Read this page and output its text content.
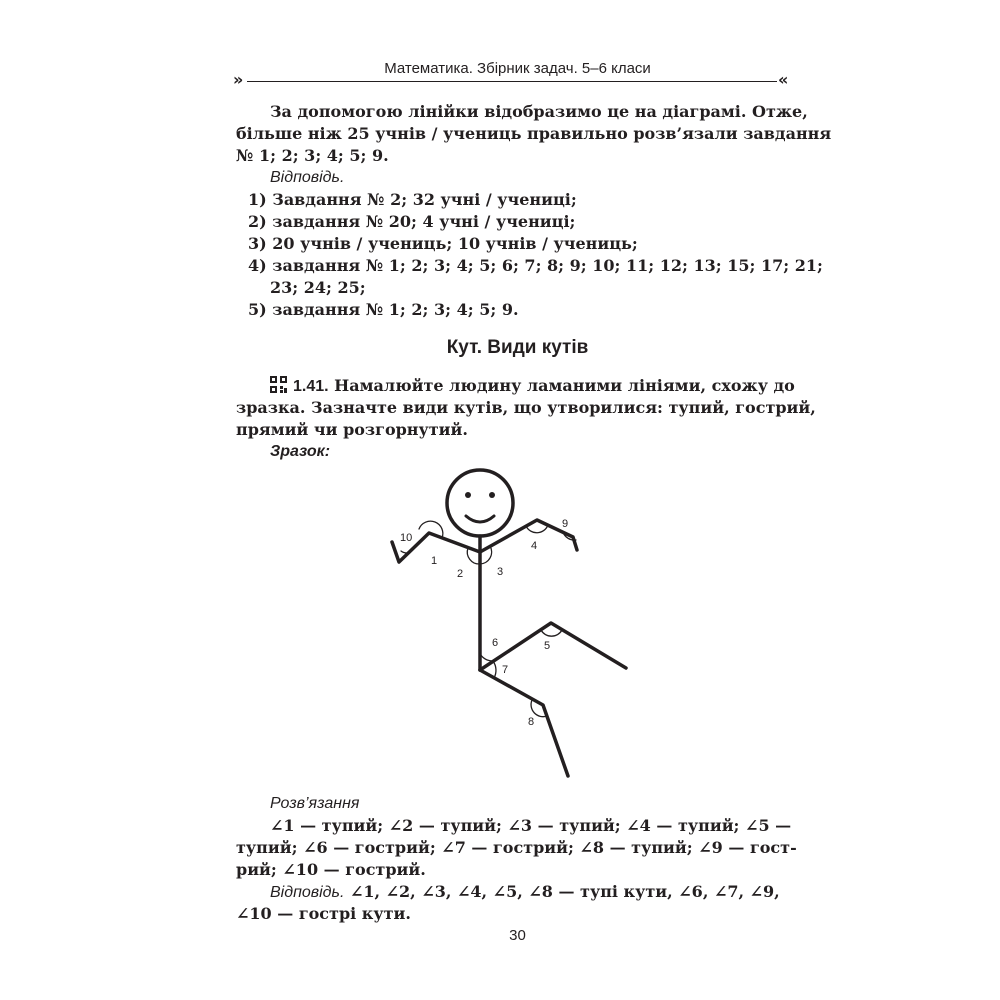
Математика. Збірник задач. 5–6 класи
»	«
За допомогою лінійки відобразимо це на діаграмі. Отже,
більше ніж 25 учнів / учениць правильно розв’язали завдання
№ 1; 2; 3; 4; 5; 9.
Відповідь.
1) Завдання № 2; 32 учні / учениці;
2) завдання № 20; 4 учні / учениці;
3) 20 учнів / учениць; 10 учнів / учениць;
4) завдання № 1; 2; 3; 4; 5; 6; 7; 8; 9; 10; 11; 12; 13; 15; 17; 21;
23; 24; 25;
5) завдання № 1; 2; 3; 4; 5; 9.
Кут. Види кутів
1.41. Намалюйте людину ламаними лініями, схожу до
зразка. Зазначте види кутів, що утворилися: тупий, гострий,
прямий чи розгорнутий.
Зразок:
1
2	3
4
5
6
7
8
9
10
Розв’язання
∠1 — тупий; ∠2 — тупий; ∠3 — тупий; ∠4 — тупий; ∠5 —
тупий; ∠6 — гострий; ∠7 — гострий; ∠8 — тупий; ∠9 — гост-
рий; ∠10 — гострий.
Відповідь. ∠1, ∠2, ∠3, ∠4, ∠5, ∠8 — тупі кути, ∠6, ∠7, ∠9,
∠10 — гострі кути.
30
